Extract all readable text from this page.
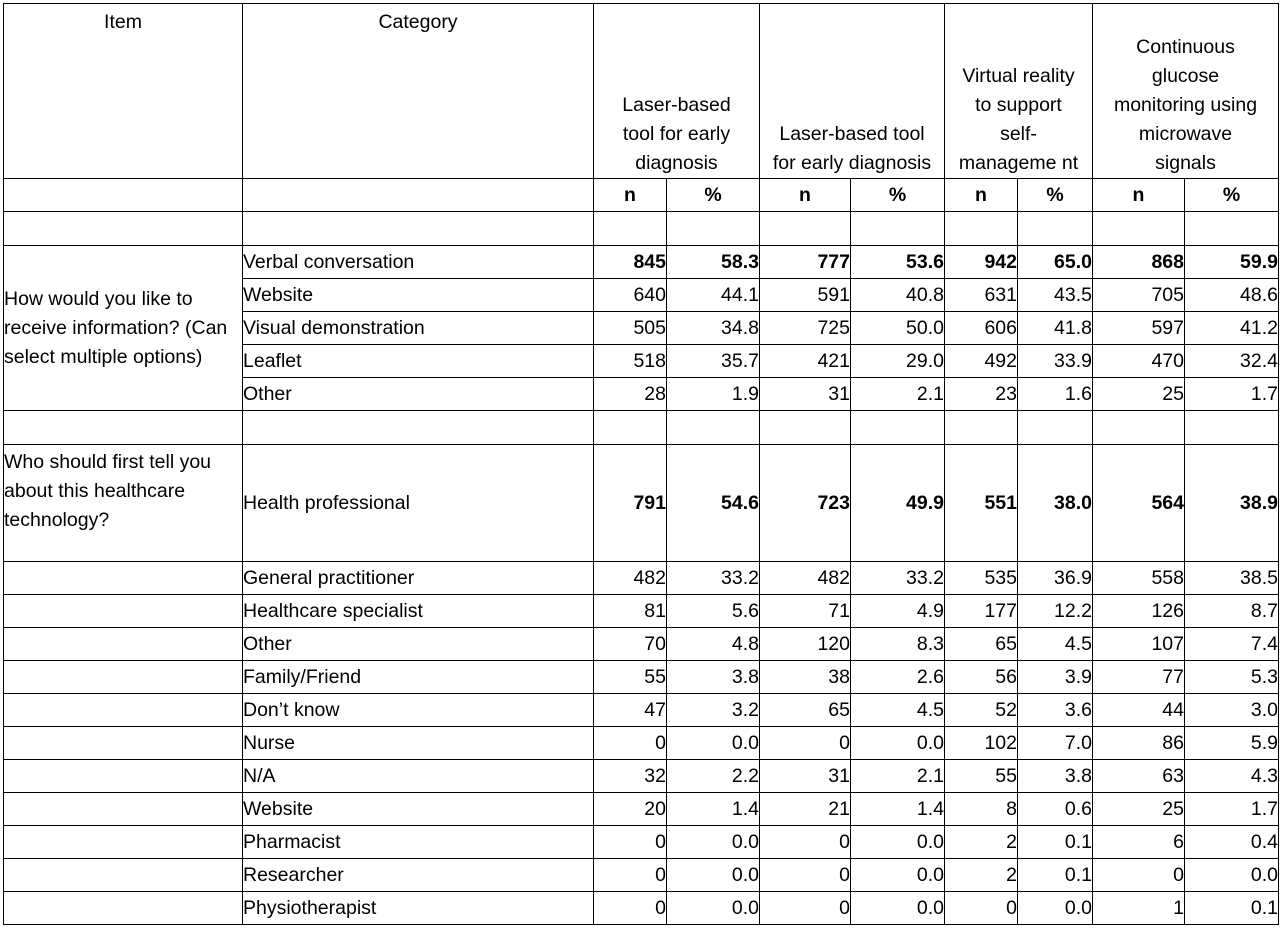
Item	Category	Laser-based tool for early diagnosis		Laser-based tool for early diagnosis		Virtual reality to support self-manageme nt		Continuous glucose monitoring using microwave signals	
		n	%	n	%	n	%	n	%

How would you like to receive information? (Can select multiple options)	Verbal conversation	845	58.3	777	53.6	942	65.0	868	59.9
	Website	640	44.1	591	40.8	631	43.5	705	48.6
	Visual demonstration	505	34.8	725	50.0	606	41.8	597	41.2
	Leaflet	518	35.7	421	29.0	492	33.9	470	32.4
	Other	28	1.9	31	2.1	23	1.6	25	1.7

Who should first tell you about this healthcare technology?	Health professional	791	54.6	723	49.9	551	38.0	564	38.9
	General practitioner	482	33.2	482	33.2	535	36.9	558	38.5
	Healthcare specialist	81	5.6	71	4.9	177	12.2	126	8.7
	Other	70	4.8	120	8.3	65	4.5	107	7.4
	Family/Friend	55	3.8	38	2.6	56	3.9	77	5.3
	Don’t know	47	3.2	65	4.5	52	3.6	44	3.0
	Nurse	0	0.0	0	0.0	102	7.0	86	5.9
	N/A	32	2.2	31	2.1	55	3.8	63	4.3
	Website	20	1.4	21	1.4	8	0.6	25	1.7
	Pharmacist	0	0.0	0	0.0	2	0.1	6	0.4
	Researcher	0	0.0	0	0.0	2	0.1	0	0.0
	Physiotherapist	0	0.0	0	0.0	0	0.0	1	0.1
